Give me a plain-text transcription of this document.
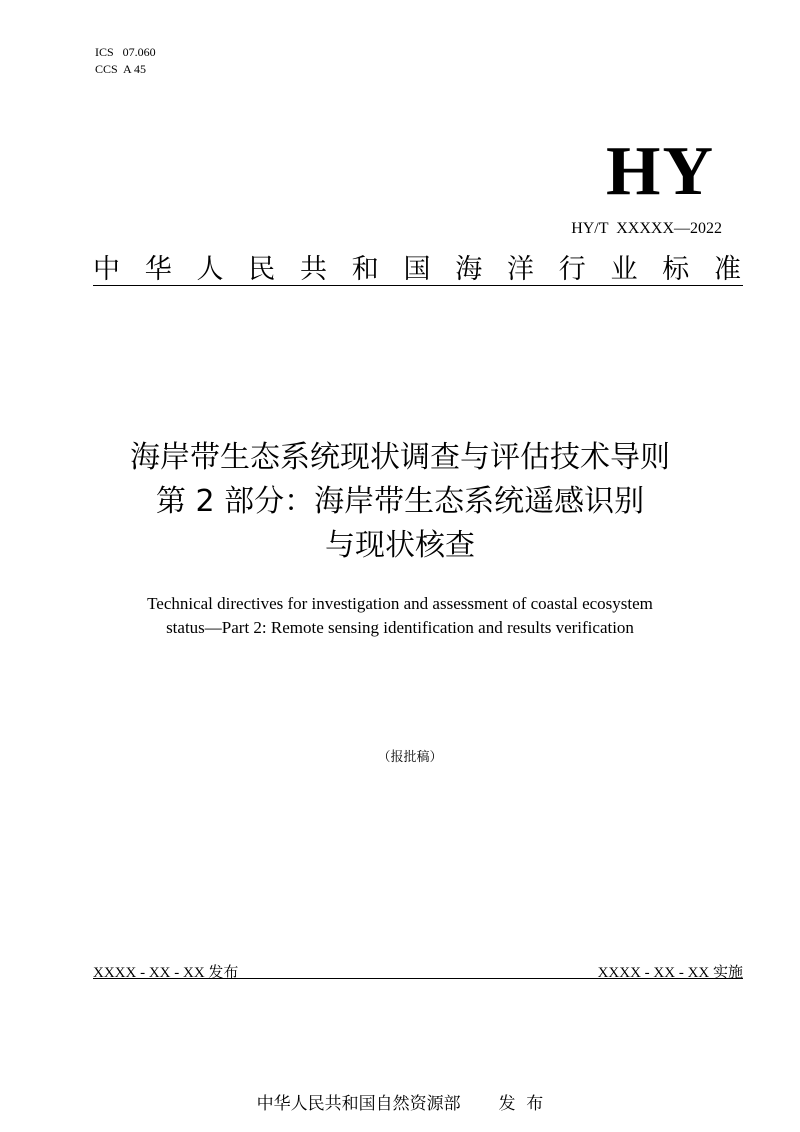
ICS   07.060
CCS  A 45
HY
HY/T  XXXXX—2022
中华人民共和国海洋行业标准
海岸带生态系统现状调查与评估技术导则
第 2 部分：海岸带生态系统遥感识别
与现状核查
Technical directives for investigation and assessment of coastal ecosystem
status—Part 2: Remote sensing identification and results verification
（报批稿）
XXXX - XX - XX 发布	XXXX - XX - XX 实施
中华人民共和国自然资源部       发  布
